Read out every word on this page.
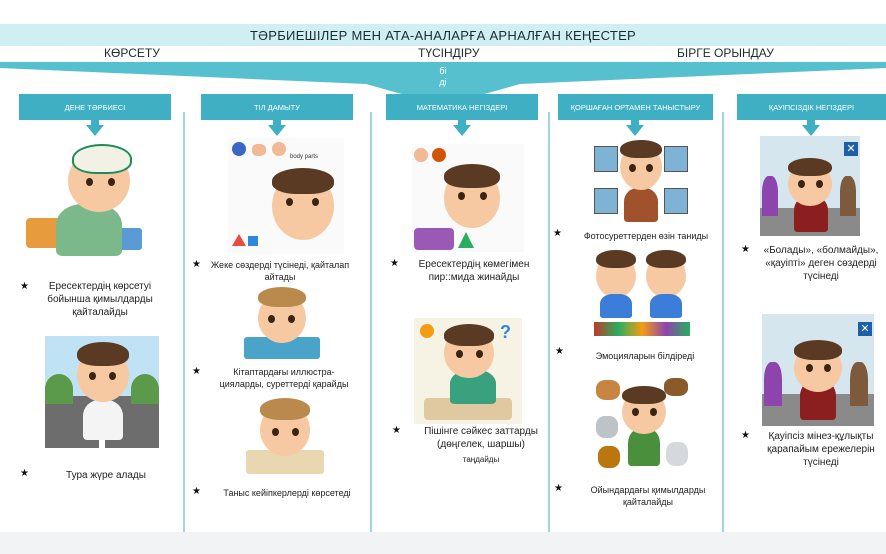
ТӘРБИЕШІЛЕР МЕН АТА-АНАЛАРҒА АРНАЛҒАН КЕҢЕСТЕР
КӨРСЕТУ	ТҮСІНДІРУ	БІРГЕ ОРЫНДАУ
бі
ді
ДЕНЕ ТӘРБИЕСІ	ТІЛ ДАМЫТУ	МАТЕМАТИКА НЕГІЗДЕРІ	ҚОРШАҒАН ОРТАМЕН ТАНЫСТЫРУ	ҚАУІПСІЗДІК НЕГІЗДЕРІ
★	Ересектердің көрсетуі бойынша қимылдарды қайталайды
★	Тура жүре алады
body parts
★ Жеке сөздерді түсінеді, қайталап айтады
★	Кітаптардағы иллюстра- цияларды, суреттерді қарайды
★	Таныс кейіпкерлерді көрсетеді
★	Ересектердің көмегімен пир::мида жинайды
?
★	Пішінге сәйкес заттарды (дөңгелек, шаршы)
таңдайды
★	Фотосуреттерден өзін таниды
★	Эмоцияларын білдіреді
★	Ойындардағы қимылдарды қайталайды
✕
★	«Болады», «болмайды», «қауіпті» деген сөздерді түсінеді
✕
★	Қауіпсіз мінез-құлықты қарапайым ережелерін түсінеді
